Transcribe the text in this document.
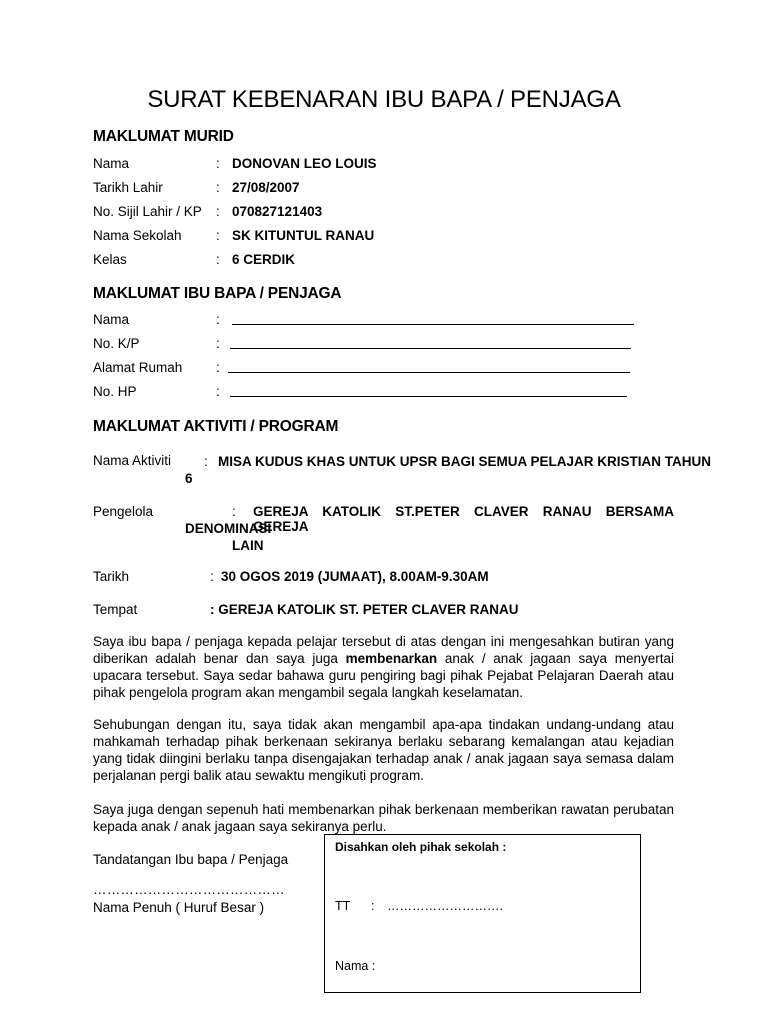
SURAT KEBENARAN IBU BAPA / PENJAGA
MAKLUMAT MURID
Nama	: DONOVAN LEO LOUIS
Tarikh Lahir	: 27/08/2007
No. Sijil Lahir / KP : 070827121403
Nama Sekolah	: SK KITUNTUL RANAU
Kelas	: 6 CERDIK
MAKLUMAT IBU BAPA / PENJAGA
Nama	:
No. K/P	:
Alamat Rumah :
No. HP	:
MAKLUMAT AKTIVITI / PROGRAM
Nama Aktiviti : MISA KUDUS KHAS UNTUK UPSR BAGI SEMUA PELAJAR KRISTIAN TAHUN
6
Pengelola	: GEREJA KATOLIK ST.PETER CLAVER RANAU BERSAMA GEREJA
DENOMINASI
LAIN
Tarikh	: 30 OGOS 2019 (JUMAAT), 8.00AM-9.30AM
Tempat	: GEREJA KATOLIK ST. PETER CLAVER RANAU
Saya ibu bapa / penjaga kepada pelajar tersebut di atas dengan ini mengesahkan butiran yang diberikan adalah benar dan saya juga membenarkan anak / anak jagaan saya menyertai upacara tersebut. Saya sedar bahawa guru pengiring bagi pihak Pejabat Pelajaran Daerah atau pihak pengelola program akan mengambil segala langkah keselamatan.
Sehubungan dengan itu, saya tidak akan mengambil apa-apa tindakan undang-undang atau mahkamah terhadap pihak berkenaan sekiranya berlaku sebarang kemalangan atau kejadian yang tidak diingini berlaku tanpa disengajakan terhadap anak / anak jagaan saya semasa dalam perjalanan pergi balik atau sewaktu mengikuti program.
Saya juga dengan sepenuh hati membenarkan pihak berkenaan memberikan rawatan perubatan kepada anak / anak jagaan saya sekiranya perlu.
Tandatangan Ibu bapa / Penjaga
……………………………………
Nama Penuh ( Huruf Besar )
Disahkan oleh pihak sekolah :
TT : ……………………….
Nama :
